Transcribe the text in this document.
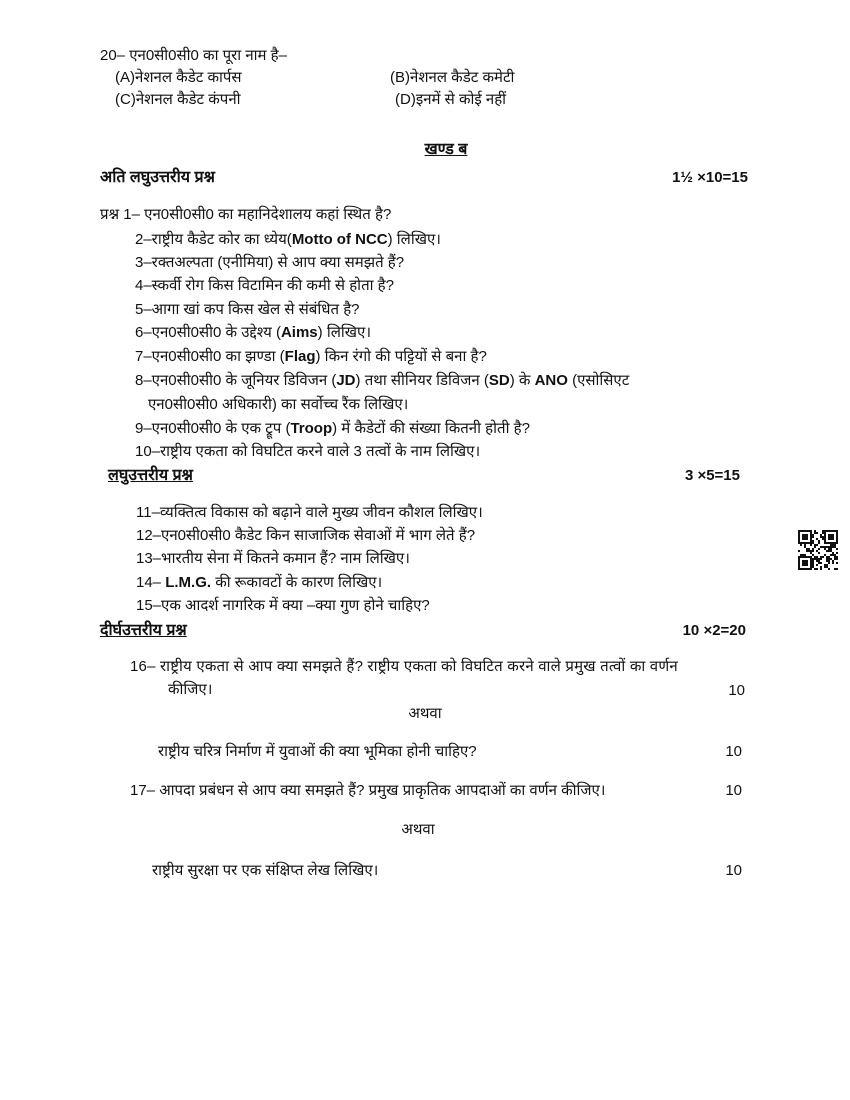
20– एन0सी0सी0 का पूरा नाम है–
(A)नेशनल कैडेट कार्पस	(B)नेशनल कैडेट कमेटी
(C)नेशनल कैडेट कंपनी	(D)इनमें से कोई नहीं
खण्ड ब
अति लघुउत्तरीय प्रश्न	1½ ×10=15
प्रश्न 1– एन0सी0सी0 का महानिदेशालय कहां स्थित है?
2–राष्ट्रीय कैडेट कोर का ध्येय(Motto of NCC) लिखिए।
3–रक्तअल्पता (एनीमिया) से आप क्या समझते हैं?
4–स्कर्वी रोग किस विटामिन की कमी से होता है?
5–आगा खां कप किस खेल से संबंधित है?
6–एन0सी0सी0 के उद्देश्य (Aims) लिखिए।
7–एन0सी0सी0 का झण्डा (Flag) किन रंगो की पट्टियों से बना है?
8–एन0सी0सी0 के जूनियर डिविजन (JD) तथा सीनियर डिविजन (SD) के ANO (एसोसिएट
एन0सी0सी0 अधिकारी) का सर्वोच्च रैंक लिखिए।
9–एन0सी0सी0 के एक ट्रूप (Troop) में कैडेटों की संख्या कितनी होती है?
10–राष्ट्रीय एकता को विघटित करने वाले 3 तत्वों के नाम लिखिए।
लघुउत्तरीय प्रश्न	3 ×5=15
11–व्यक्तित्व विकास को बढ़ाने वाले मुख्य जीवन कौशल लिखिए।
12–एन0सी0सी0 कैडेट किन साजाजिक सेवाओं में भाग लेते हैं?
13–भारतीय सेना में कितने कमान हैं? नाम लिखिए।
14– L.M.G. की रूकावटों के कारण लिखिए।
15–एक आदर्श नागरिक में क्या –क्या गुण होने चाहिए?
दीर्घउत्तरीय प्रश्न	10 ×2=20
16– राष्ट्रीय एकता से आप क्या समझते हैं? राष्ट्रीय एकता को विघटित करने वाले प्रमुख तत्वों का वर्णन
कीजिए।	10
अथवा
राष्ट्रीय चरित्र निर्माण में युवाओं की क्या भूमिका होनी चाहिए?	10
17– आपदा प्रबंधन से आप क्या समझते हैं? प्रमुख प्राकृतिक आपदाओं का वर्णन कीजिए।	10
अथवा
राष्ट्रीय सुरक्षा पर एक संक्षिप्त लेख लिखिए।	10
